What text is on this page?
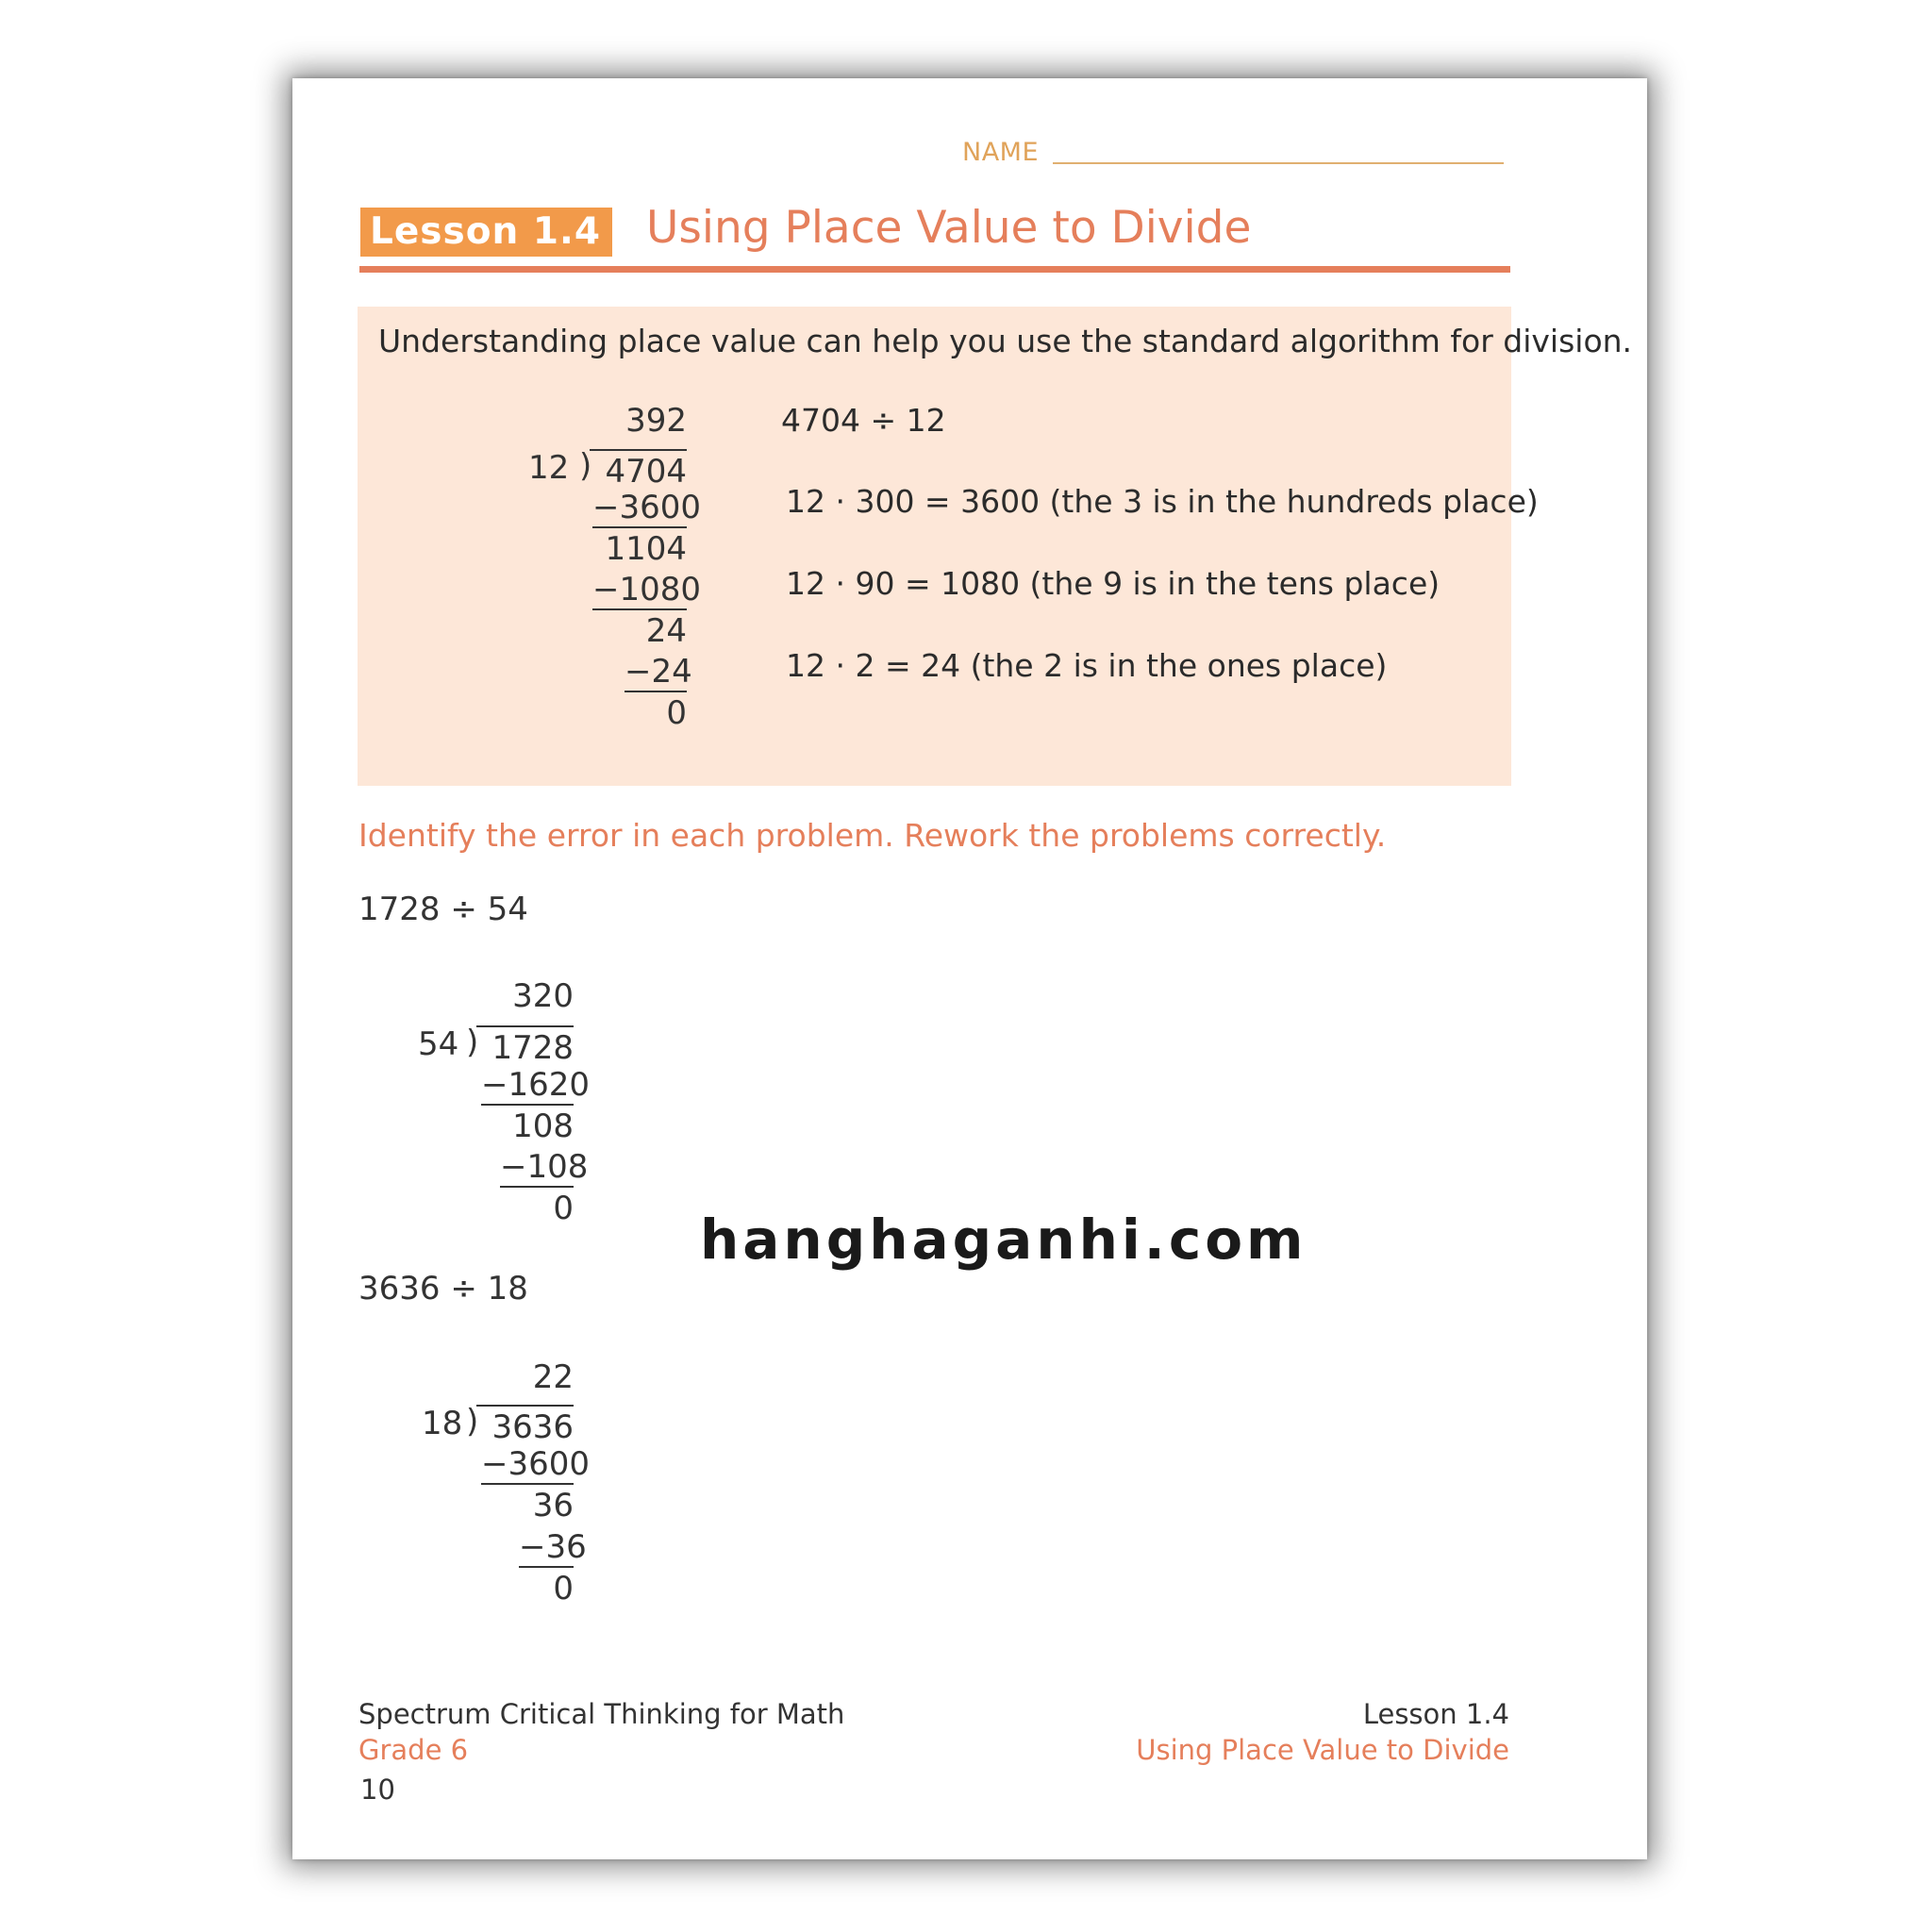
NAME
Lesson 1.4 Using Place Value to Divide
Understanding place value can help you use the standard algorithm for division.
392
12 ) 4704
−3600
1104
−1080
24
−24
0
4704 ÷ 12
12 · 300 = 3600 (the 3 is in the hundreds place)
12 · 90 = 1080 (the 9 is in the tens place)
12 · 2 = 24 (the 2 is in the ones place)
Identify the error in each problem. Rework the problems correctly.
1728 ÷ 54
320
54 ) 1728
−1620
108
−108
0 hanghaganhi.com
3636 ÷ 18
22
18 ) 3636
−3600
36
−36
0
Spectrum Critical Thinking for Math
Grade 6
10
Lesson 1.4
Using Place Value to Divide
